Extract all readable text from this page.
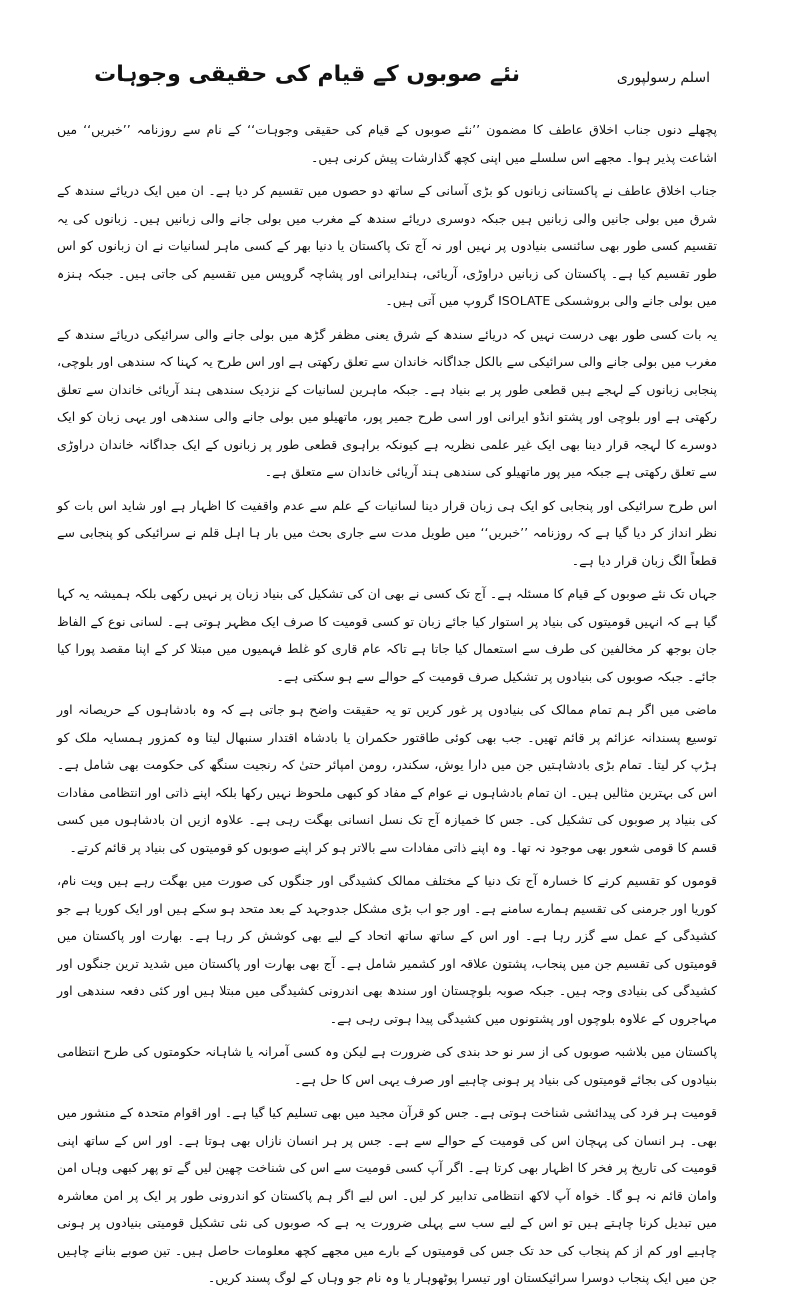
اسلم رسولپوری
نئے صوبوں کے قیام کی حقیقی وجوہات

پچھلے دنوں جناب اخلاق عاطف کا مضمون ’’نئے صوبوں کے قیام کی حقیقی وجوہات‘‘ کے نام سے روزنامہ ’’خبریں‘‘ میں اشاعت پذیر ہوا۔ مجھے اس سلسلے میں اپنی کچھ گذارشات پیش کرنی ہیں۔

جناب اخلاق عاطف نے پاکستانی زبانوں کو بڑی آسانی کے ساتھ دو حصوں میں تقسیم کر دیا ہے۔ ان میں ایک دریائے سندھ کے شرق میں بولی جانیں والی زبانیں ہیں جبکہ دوسری دریائے سندھ کے مغرب میں بولی جانے والی زبانیں ہیں۔ زبانوں کی یہ تقسیم کسی طور بھی سائنسی بنیادوں پر نہیں اور نہ آج تک پاکستان یا دنیا بھر کے کسی ماہر لسانیات نے ان زبانوں کو اس طور تقسیم کیا ہے۔ پاکستان کی زبانیں دراوڑی، آریائی، ہندایرانی اور پشاچہ گروپس میں تقسیم کی جاتی ہیں۔ جبکہ ہنزہ میں بولی جانے والی بروشسکی ISOLATE گروپ میں آتی ہیں۔

یہ بات کسی طور بھی درست نہیں کہ دریائے سندھ کے شرق یعنی مظفر گڑھ میں بولی جانے والی سرائیکی دریائے سندھ کے مغرب میں بولی جانے والی سرائیکی سے بالکل جداگانہ خاندان سے تعلق رکھتی ہے اور اس طرح یہ کہنا کہ سندھی اور بلوچی، پنجابی زبانوں کے لہجے ہیں قطعی طور پر بے بنیاد ہے۔ جبکہ ماہرین لسانیات کے نزدیک سندھی ہند آریائی خاندان سے تعلق رکھتی ہے اور بلوچی اور پشتو انڈو ایرانی اور اسی طرح جمیر پور، ماتھیلو میں بولی جانے والی سندھی اور یہی زبان کو ایک دوسرے کا لہجہ قرار دینا بھی ایک غیر علمی نظریہ ہے کیونکہ براہوی قطعی طور پر زبانوں کے ایک جداگانہ خاندان دراوڑی سے تعلق رکھتی ہے جبکہ میر پور ماتھیلو کی سندھی ہند آریائی خاندان سے متعلق ہے۔

اس طرح سرائیکی اور پنجابی کو ایک ہی زبان قرار دینا لسانیات کے علم سے عدم واقفیت کا اظہار ہے اور شاید اس بات کو نظر انداز کر دیا گیا ہے کہ روزنامہ ’’خبریں‘‘ میں طویل مدت سے جاری بحث میں بار ہا اہل قلم نے سرائیکی کو پنجابی سے قطعاً الگ زبان قرار دیا ہے۔

جہاں تک نئے صوبوں کے قیام کا مسئلہ ہے۔ آج تک کسی نے بھی ان کی تشکیل کی بنیاد زبان پر نہیں رکھی بلکہ ہمیشہ یہ کہا گیا ہے کہ انہیں قومیتوں کی بنیاد پر استوار کیا جائے زبان تو کسی قومیت کا صرف ایک مظہر ہوتی ہے۔ لسانی نوع کے الفاظ جان بوجھ کر مخالفین کی طرف سے استعمال کیا جاتا ہے تاکہ عام قاری کو غلط فہمیوں میں مبتلا کر کے اپنا مقصد پورا کیا جائے۔ جبکہ صوبوں کی بنیادوں پر تشکیل صرف قومیت کے حوالے سے ہو سکتی ہے۔

ماضی میں اگر ہم تمام ممالک کی بنیادوں پر غور کریں تو یہ حقیقت واضح ہو جاتی ہے کہ وہ بادشاہوں کے حریصانہ اور توسیع پسندانہ عزائم پر قائم تھیں۔ جب بھی کوئی طاقتور حکمران یا بادشاہ اقتدار سنبھال لیتا وہ کمزور ہمسایہ ملک کو ہڑپ کر لیتا۔ تمام بڑی بادشاہتیں جن میں دارا یوش، سکندر، رومن امپائر حتیٰ کہ رنجیت سنگھ کی حکومت بھی شامل ہے۔ اس کی بہترین مثالیں ہیں۔ ان تمام بادشاہوں نے عوام کے مفاد کو کبھی ملحوظ نہیں رکھا بلکہ اپنے ذاتی اور انتظامی مفادات کی بنیاد پر صوبوں کی تشکیل کی۔ جس کا خمیازہ آج تک نسل انسانی بھگت رہی ہے۔ علاوہ ازیں ان بادشاہوں میں کسی قسم کا قومی شعور بھی موجود نہ تھا۔ وہ اپنے ذاتی مفادات سے بالاتر ہو کر اپنے صوبوں کو قومیتوں کی بنیاد پر قائم کرتے۔

قوموں کو تقسیم کرنے کا خسارہ آج تک دنیا کے مختلف ممالک کشیدگی اور جنگوں کی صورت میں بھگت رہے ہیں ویت نام، کوریا اور جرمنی کی تقسیم ہمارے سامنے ہے۔ اور جو اب بڑی مشکل جدوجہد کے بعد متحد ہو سکے ہیں اور ایک کوریا ہے جو کشیدگی کے عمل سے گزر رہا ہے۔ اور اس کے ساتھ ساتھ اتحاد کے لیے بھی کوشش کر رہا ہے۔ بھارت اور پاکستان میں قومیتوں کی تقسیم جن میں پنجاب، پشتون علاقہ اور کشمیر شامل ہے۔ آج بھی بھارت اور پاکستان میں شدید ترین جنگوں اور کشیدگی کی بنیادی وجہ ہیں۔ جبکہ صوبہ بلوچستان اور سندھ بھی اندرونی کشیدگی میں مبتلا ہیں اور کئی دفعہ سندھی اور مہاجروں کے علاوہ بلوچوں اور پشتونوں میں کشیدگی پیدا ہوتی رہی ہے۔

پاکستان میں بلاشبہ صوبوں کی از سر نو حد بندی کی ضرورت ہے لیکن وہ کسی آمرانہ یا شاہانہ حکومتوں کی طرح انتظامی بنیادوں کی بجائے قومیتوں کی بنیاد پر ہونی چاہیے اور صرف یہی اس کا حل ہے۔

قومیت ہر فرد کی پیدائشی شناخت ہوتی ہے۔ جس کو قرآن مجید میں بھی تسلیم کیا گیا ہے۔ اور اقوام متحدہ کے منشور میں بھی۔ ہر انسان کی پہچان اس کی قومیت کے حوالے سے ہے۔ جس پر ہر انسان نازاں بھی ہوتا ہے۔ اور اس کے ساتھ اپنی قومیت کی تاریخ پر فخر کا اظہار بھی کرتا ہے۔ اگر آپ کسی قومیت سے اس کی شناخت چھین لیں گے تو پھر کبھی وہاں امن وامان قائم نہ ہو گا۔ خواہ آپ لاکھ انتظامی تدابیر کر لیں۔ اس لیے اگر ہم پاکستان کو اندرونی طور پر ایک پر امن معاشرہ میں تبدیل کرنا چاہتے ہیں تو اس کے لیے سب سے پہلی ضرورت یہ ہے کہ صوبوں کی نئی تشکیل قومیتی بنیادوں پر ہونی چاہیے اور کم از کم پنجاب کی حد تک جس کی قومیتوں کے بارے میں مجھے کچھ معلومات حاصل ہیں۔ تین صوبے بنانے چاہیں جن میں ایک پنجاب دوسرا سرائیکستان اور تیسرا پوٹھوہار یا وہ نام جو وہاں کے لوگ پسند کریں۔
